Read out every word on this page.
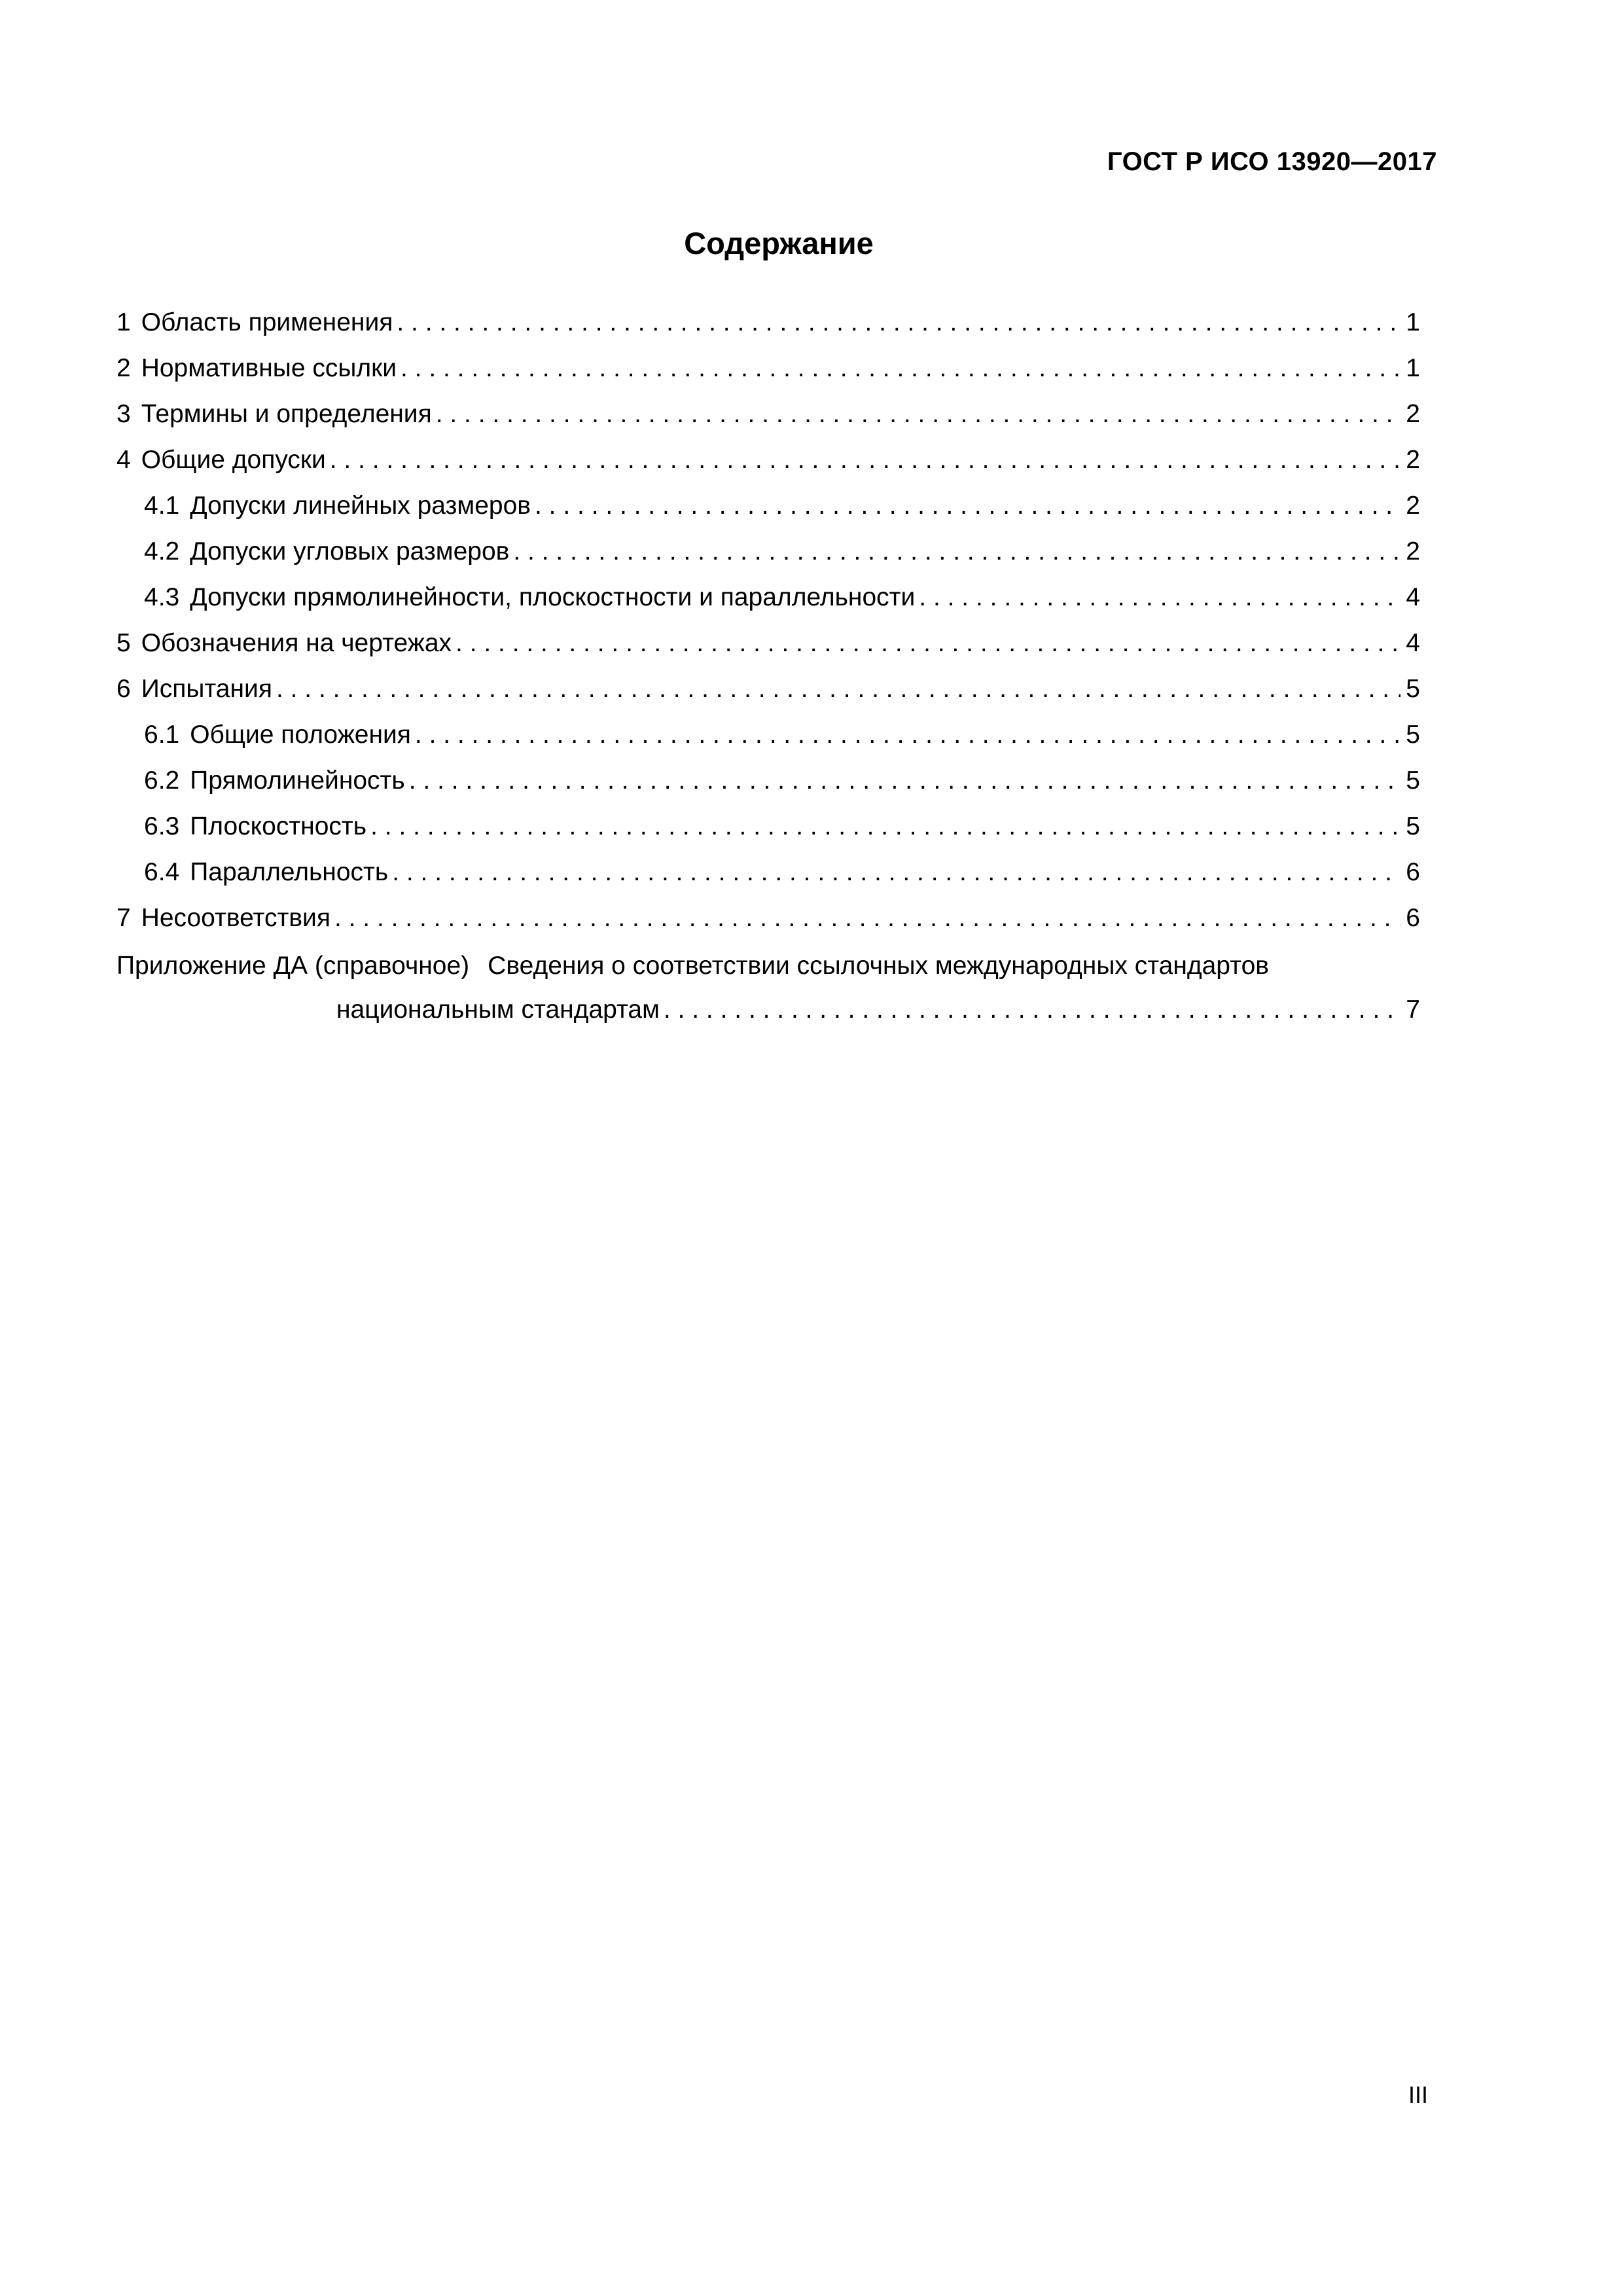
ГОСТ Р ИСО 13920—2017
Содержание
1 Область применения . . .	1
2 Нормативные ссылки . . .	1
3 Термины и определения . . .	2
4 Общие допуски . . .	2
4.1 Допуски линейных размеров . . .	2
4.2 Допуски угловых размеров . . .	2
4.3 Допуски прямолинейности, плоскостности и параллельности . . .	4
5 Обозначения на чертежах . . .	4
6 Испытания . . .	5
6.1 Общие положения . . .	5
6.2 Прямолинейность . . .	5
6.3 Плоскостность . . .	5
6.4 Параллельность . . .	6
7 Несоответствия . . .	6
Приложение ДА (справочное) Сведения о соответствии ссылочных международных стандартов
национальным стандартам . . .	7
III
